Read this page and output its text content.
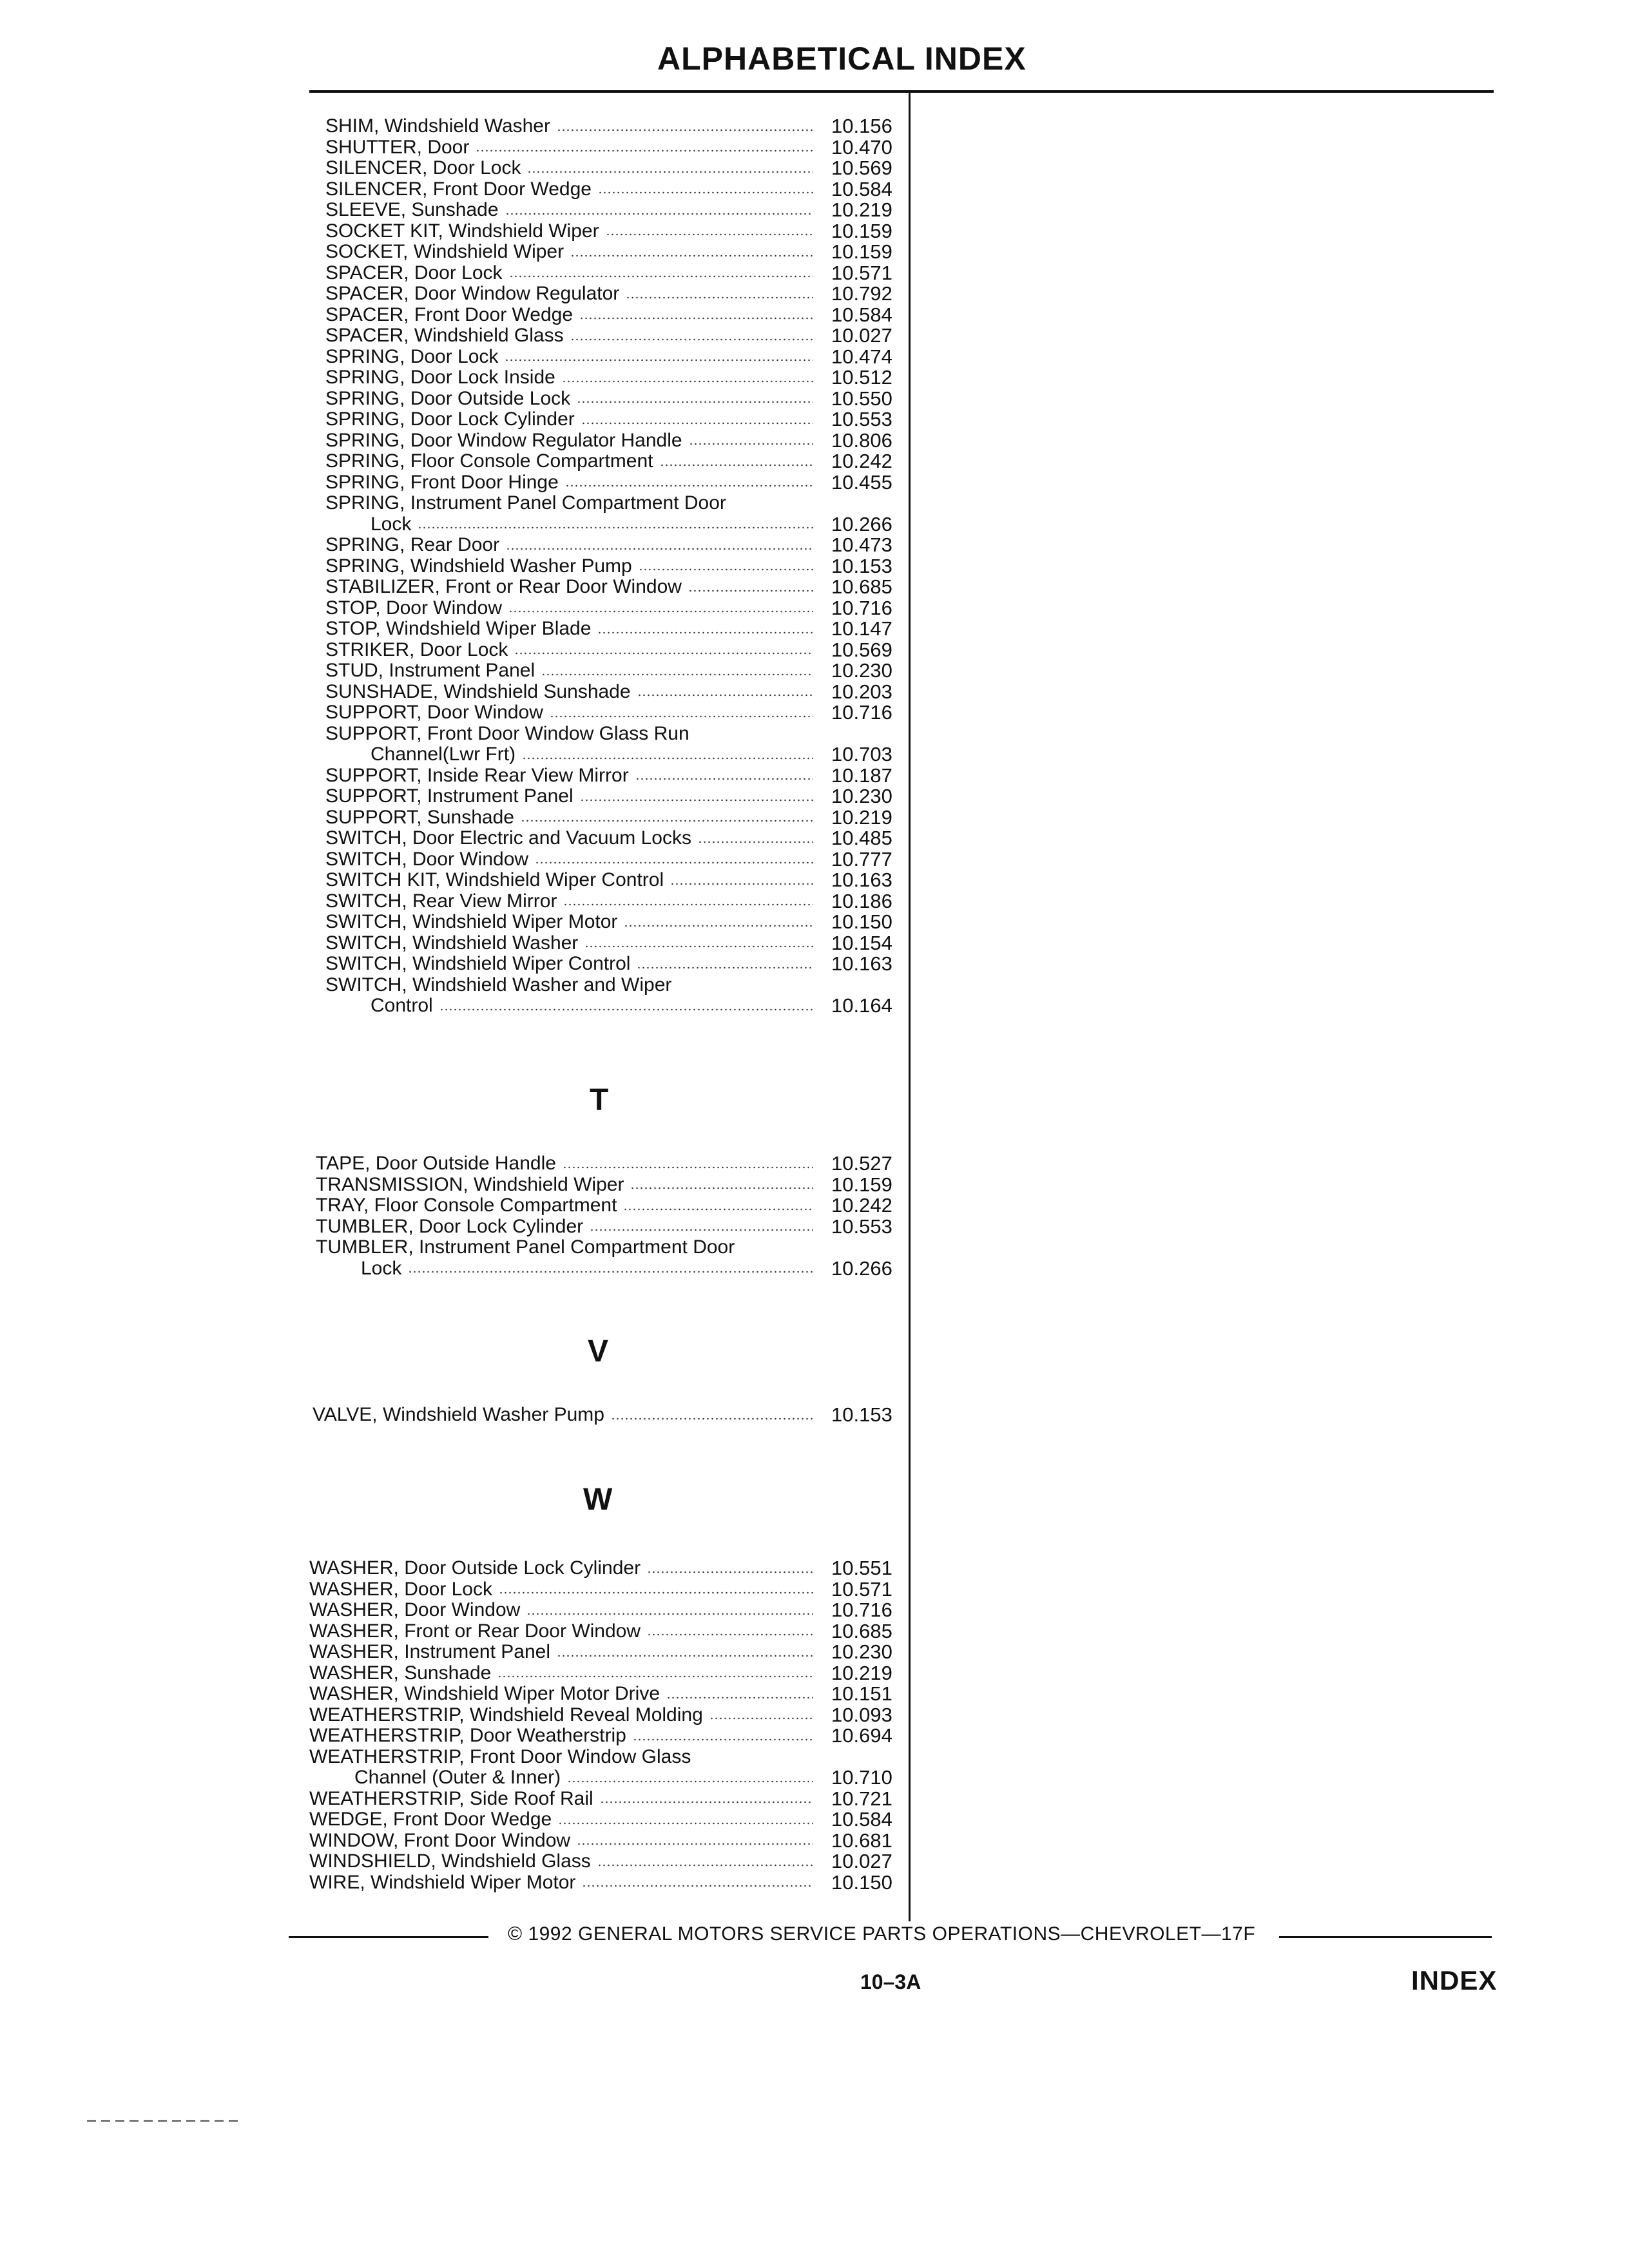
ALPHABETICAL INDEX
SHIM, Windshield Washer	10.156
SHUTTER, Door	10.470
SILENCER, Door Lock	10.569
SILENCER, Front Door Wedge	10.584
SLEEVE, Sunshade	10.219
SOCKET KIT, Windshield Wiper	10.159
SOCKET, Windshield Wiper	10.159
SPACER, Door Lock	10.571
SPACER, Door Window Regulator	10.792
SPACER, Front Door Wedge	10.584
SPACER, Windshield Glass	10.027
SPRING, Door Lock	10.474
SPRING, Door Lock Inside	10.512
SPRING, Door Outside Lock	10.550
SPRING, Door Lock Cylinder	10.553
SPRING, Door Window Regulator Handle	10.806
SPRING, Floor Console Compartment	10.242
SPRING, Front Door Hinge	10.455
SPRING, Instrument Panel Compartment Door
Lock	10.266
SPRING, Rear Door	10.473
SPRING, Windshield Washer Pump	10.153
STABILIZER, Front or Rear Door Window	10.685
STOP, Door Window	10.716
STOP, Windshield Wiper Blade	10.147
STRIKER, Door Lock	10.569
STUD, Instrument Panel	10.230
SUNSHADE, Windshield Sunshade	10.203
SUPPORT, Door Window	10.716
SUPPORT, Front Door Window Glass Run
Channel(Lwr Frt)	10.703
SUPPORT, Inside Rear View Mirror	10.187
SUPPORT, Instrument Panel	10.230
SUPPORT, Sunshade	10.219
SWITCH, Door Electric and Vacuum Locks	10.485
SWITCH, Door Window	10.777
SWITCH KIT, Windshield Wiper Control	10.163
SWITCH, Rear View Mirror	10.186
SWITCH, Windshield Wiper Motor	10.150
SWITCH, Windshield Washer	10.154
SWITCH, Windshield Wiper Control	10.163
SWITCH, Windshield Washer and Wiper
Control	10.164
T
TAPE, Door Outside Handle	10.527
TRANSMISSION, Windshield Wiper	10.159
TRAY, Floor Console Compartment	10.242
TUMBLER, Door Lock Cylinder	10.553
TUMBLER, Instrument Panel Compartment Door
Lock	10.266
V
VALVE, Windshield Washer Pump	10.153
W
WASHER, Door Outside Lock Cylinder	10.551
WASHER, Door Lock	10.571
WASHER, Door Window	10.716
WASHER, Front or Rear Door Window	10.685
WASHER, Instrument Panel	10.230
WASHER, Sunshade	10.219
WASHER, Windshield Wiper Motor Drive	10.151
WEATHERSTRIP, Windshield Reveal Molding	10.093
WEATHERSTRIP, Door Weatherstrip	10.694
WEATHERSTRIP, Front Door Window Glass
Channel (Outer & Inner)	10.710
WEATHERSTRIP, Side Roof Rail	10.721
WEDGE, Front Door Wedge	10.584
WINDOW, Front Door Window	10.681
WINDSHIELD, Windshield Glass	10.027
WIRE, Windshield Wiper Motor	10.150
© 1992 GENERAL MOTORS SERVICE PARTS OPERATIONS—CHEVROLET—17F
10–3A	INDEX
